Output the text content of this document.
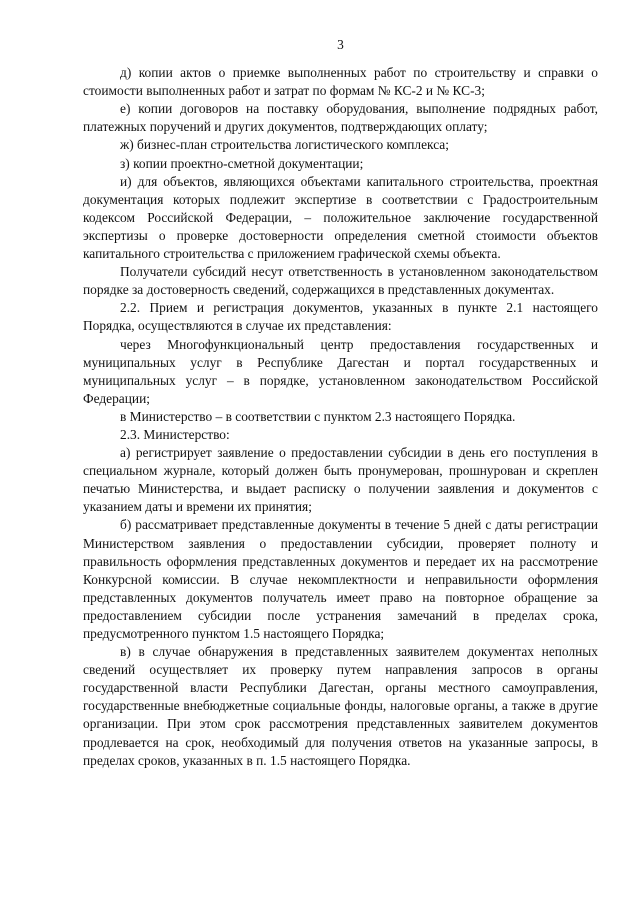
3

д) копии актов о приемке выполненных работ по строительству и справки о стоимости выполненных работ и затрат по формам № КС-2 и № КС-3;

е) копии договоров на поставку оборудования, выполнение подрядных работ, платежных поручений и других документов, подтверждающих оплату;

ж) бизнес-план строительства логистического комплекса;

з) копии проектно-сметной документации;

и) для объектов, являющихся объектами капитального строительства, проектная документация которых подлежит экспертизе в соответствии с Градостроительным кодексом Российской Федерации, – положительное заключение государственной экспертизы о проверке достоверности определения сметной стоимости объектов капитального строительства с приложением графической схемы объекта.

Получатели субсидий несут ответственность в установленном законодательством порядке за достоверность сведений, содержащихся в представленных документах.

2.2. Прием и регистрация документов, указанных в пункте 2.1 настоящего Порядка, осуществляются в случае их представления:

через Многофункциональный центр предоставления государственных и муниципальных услуг в Республике Дагестан и портал государственных и муниципальных услуг – в порядке, установленном законодательством Российской Федерации;

в Министерство – в соответствии с пунктом 2.3 настоящего Порядка.

2.3. Министерство:

а) регистрирует заявление о предоставлении субсидии в день его поступления в специальном журнале, который должен быть пронумерован, прошнурован и скреплен печатью Министерства, и выдает расписку о получении заявления и документов с указанием даты и времени их принятия;

б) рассматривает представленные документы в течение 5 дней с даты регистрации Министерством заявления о предоставлении субсидии, проверяет полноту и правильность оформления представленных документов и передает их на рассмотрение Конкурсной комиссии. В случае некомплектности и неправильности оформления представленных документов получатель имеет право на повторное обращение за предоставлением субсидии после устранения замечаний в пределах срока, предусмотренного пунктом 1.5 настоящего Порядка;

в) в случае обнаружения в представленных заявителем документах неполных сведений осуществляет их проверку путем направления запросов в органы государственной власти Республики Дагестан, органы местного самоуправления, государственные внебюджетные социальные фонды, налоговые органы, а также в другие организации. При этом срок рассмотрения представленных заявителем документов продлевается на срок, необходимый для получения ответов на указанные запросы, в пределах сроков, указанных в п. 1.5 настоящего Порядка.
